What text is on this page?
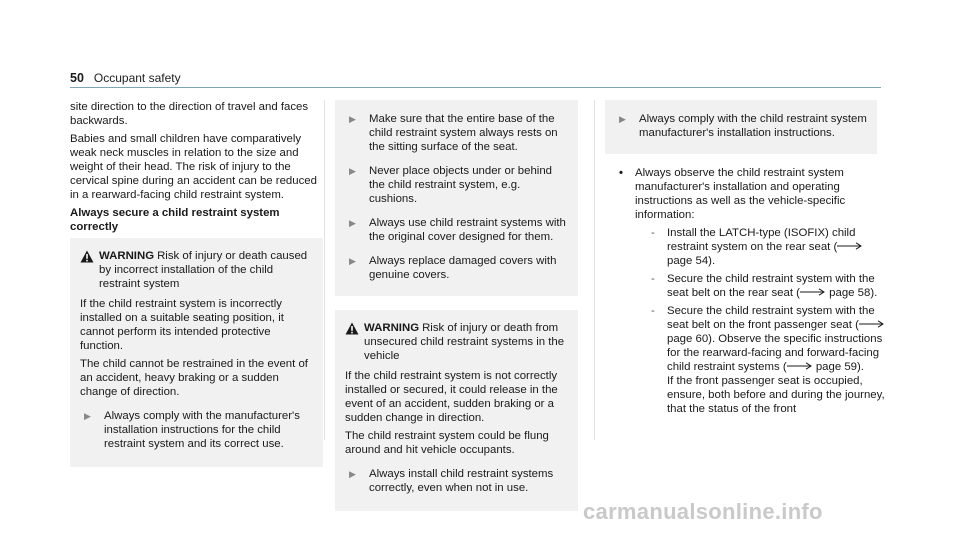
50 Occupant safety

site direction to the direction of travel and faces backwards.

Babies and small children have comparatively weak neck muscles in relation to the size and weight of their head. The risk of injury to the cervical spine during an accident can be reduced in a rearward-facing child restraint system.

Always secure a child restraint system correctly

WARNING Risk of injury or death caused by incorrect installation of the child restraint system

If the child restraint system is incorrectly installed on a suitable seating position, it cannot perform its intended protective function.

The child cannot be restrained in the event of an accident, heavy braking or a sudden change of direction.

▶ Always comply with the manufacturer's installation instructions for the child restraint system and its correct use.
▶ Make sure that the entire base of the child restraint system always rests on the sitting surface of the seat.
▶ Never place objects under or behind the child restraint system, e.g. cushions.
▶ Always use child restraint systems with the original cover designed for them.
▶ Always replace damaged covers with genuine covers.
WARNING Risk of injury or death from unsecured child restraint systems in the vehicle

If the child restraint system is not correctly installed or secured, it could release in the event of an accident, sudden braking or a sudden change in direction.

The child restraint system could be flung around and hit vehicle occupants.

▶ Always install child restraint systems correctly, even when not in use.
▶ Always comply with the child restraint system manufacturer's installation instructions.
• Always observe the child restraint system manufacturer's installation and operating instructions as well as the vehicle-specific information:
- Install the LATCH-type (ISOFIX) child restraint system on the rear seat ( page 54).
- Secure the child restraint system with the seat belt on the rear seat (	page 58).
- Secure the child restraint system with the seat belt on the front passenger seat ( page 60). Observe the specific instructions for the rearward-facing and forward-facing child restraint systems (	page 59).
If the front passenger seat is occupied, ensure, both before and during the journey, that the status of the front
carmanualsonline.info
